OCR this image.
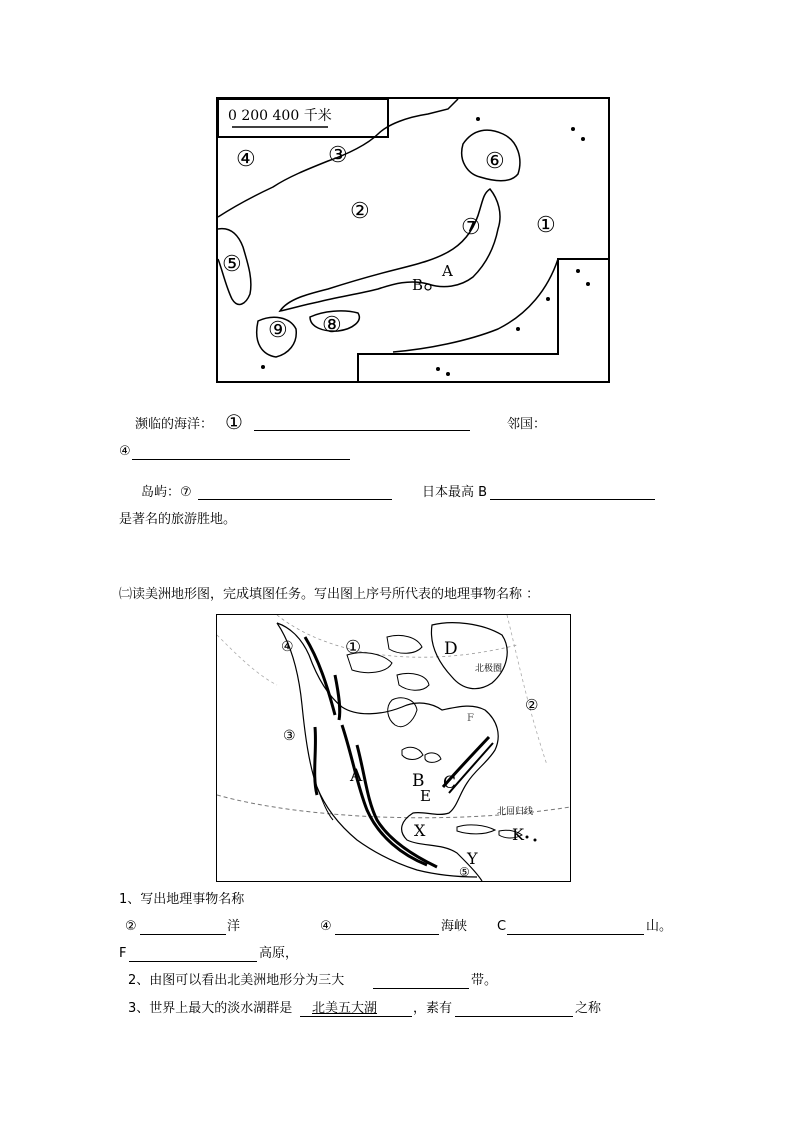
0 200 400 千米
④	③	⑥
②
⑦	①
⑤	A
B
⑧
⑨
濒临的海洋： ①	邻国：
④
岛屿：⑦	日本最高 B
是著名的旅游胜地。
㈡读美洲地形图，完成填图任务。写出图上序号所代表的地理事物名称 ：
④	①	D
北极圈
②
F
③
A	B C
E
北回归线
X	K
Y
⑤
1、写出地理事物名称
②	洋	④	海峡 C	山。
F	高原，
2、由图可以看出北美洲地形分为三大	带。
3、世界上最大的淡水湖群是	北美五大湖	，素有	之称
